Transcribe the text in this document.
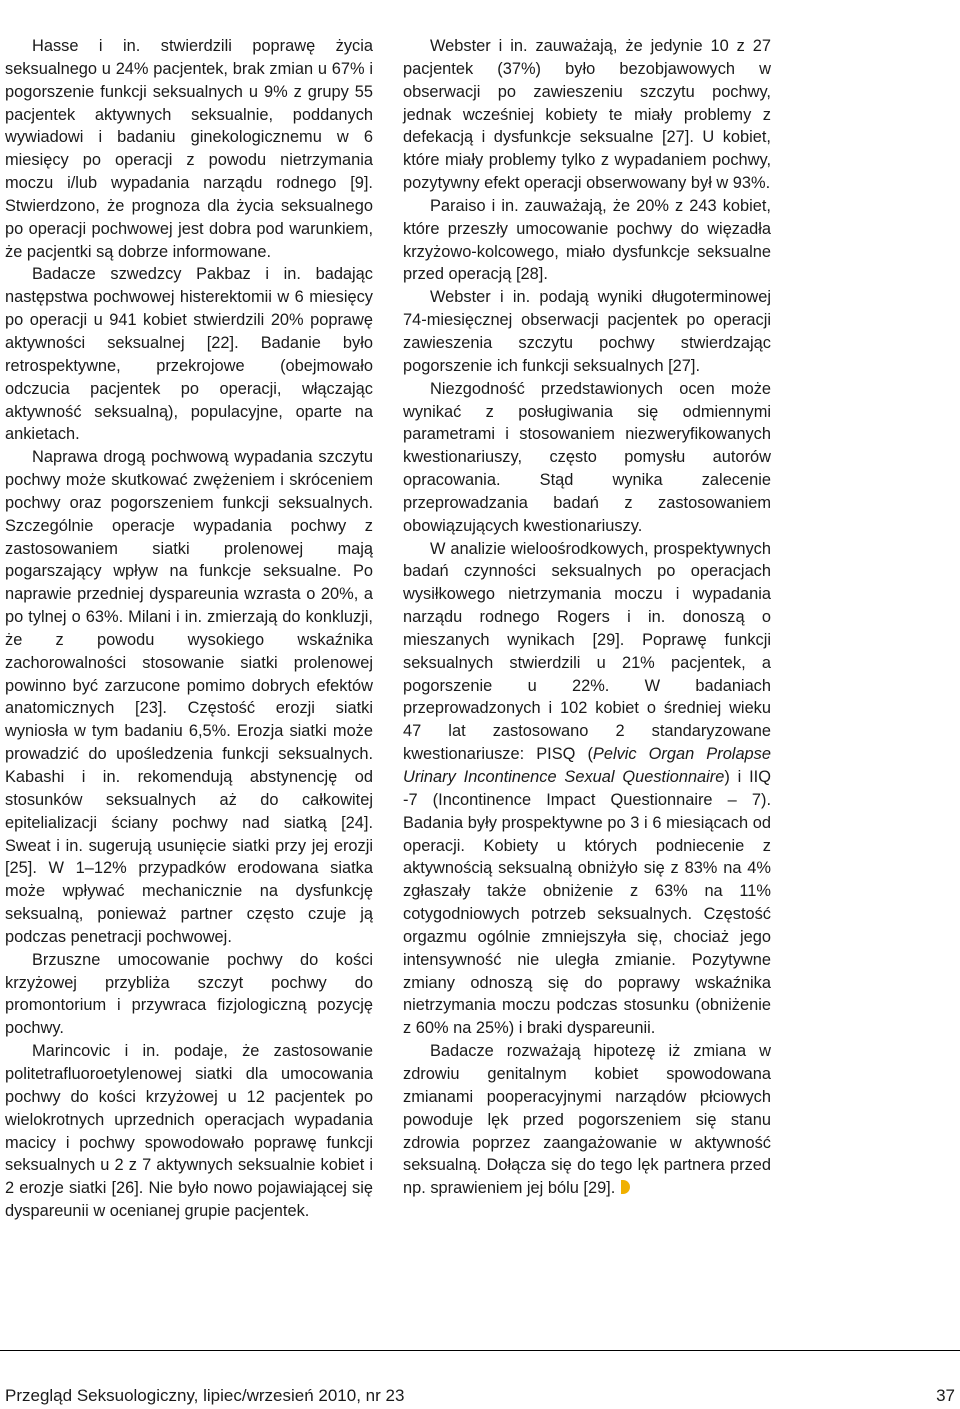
Hasse i in. stwierdzili poprawę życia seksualnego u 24% pacjentek, brak zmian u 67% i pogorszenie funkcji seksualnych u 9% z grupy 55 pacjentek aktywnych seksualnie, poddanych wywiadowi i badaniu ginekologicznemu w 6 miesięcy po operacji z powodu nietrzymania moczu i/lub wypadania narządu rodnego [9]. Stwierdzono, że prognoza dla życia seksualnego po operacji pochwowej jest dobra pod warunkiem, że pacjentki są dobrze informowane.

Badacze szwedzcy Pakbaz i in. badając następstwa pochwowej histerektomii w 6 miesięcy po operacji u 941 kobiet stwierdzili 20% poprawę aktywności seksualnej [22]. Badanie było retrospektywne, przekrojowe (obejmowało odczucia pacjentek po operacji, włączając aktywność seksualną), populacyjne, oparte na ankietach.

Naprawa drogą pochwową wypadania szczytu pochwy może skutkować zwężeniem i skróceniem pochwy oraz pogorszeniem funkcji seksualnych. Szczególnie operacje wypadania pochwy z zastosowaniem siatki prolenowej mają pogarszający wpływ na funkcje seksualne. Po naprawie przedniej dyspareunia wzrasta o 20%, a po tylnej o 63%. Milani i in. zmierzają do konkluzji, że z powodu wysokiego wskaźnika zachorowalności stosowanie siatki prolenowej powinno być zarzucone pomimo dobrych efektów anatomicznych [23]. Częstość erozji siatki wyniosła w tym badaniu 6,5%. Erozja siatki może prowadzić do upośledzenia funkcji seksualnych. Kabashi i in. rekomendują abstynencję od stosunków seksualnych aż do całkowitej epitelializacji ściany pochwy nad siatką [24]. Sweat i in. sugerują usunięcie siatki przy jej erozji [25]. W 1–12% przypadków erodowana siatka może wpływać mechanicznie na dysfunkcję seksualną, ponieważ partner często czuje ją podczas penetracji pochwowej.

Brzuszne umocowanie pochwy do kości krzyżowej przybliża szczyt pochwy do promontorium i przywraca fizjologiczną pozycję pochwy.

Marincovic i in. podaje, że zastosowanie politetrafluoroetylenowej siatki dla umocowania pochwy do kości krzyżowej u 12 pacjentek po wielokrotnych uprzednich operacjach wypadania macicy i pochwy spowodowało poprawę funkcji seksualnych u 2 z 7 aktywnych seksualnie kobiet i 2 erozje siatki [26]. Nie było nowo pojawiającej się dyspareunii w ocenianej grupie pacjentek.

Webster i in. zauważają, że jedynie 10 z 27 pacjentek (37%) było bezobjawowych w obserwacji po zawieszeniu szczytu pochwy, jednak wcześniej kobiety te miały problemy z defekacją i dysfunkcje seksualne [27]. U kobiet, które miały problemy tylko z wypadaniem pochwy, pozytywny efekt operacji obserwowany był w 93%.

Paraiso i in. zauważają, że 20% z 243 kobiet, które przeszły umocowanie pochwy do więzadła krzyżowo-kolcowego, miało dysfunkcje seksualne przed operacją [28].

Webster i in. podają wyniki długoterminowej 74-miesięcznej obserwacji pacjentek po operacji zawieszenia szczytu pochwy stwierdzając pogorszenie ich funkcji seksualnych [27].

Niezgodność przedstawionych ocen może wynikać z posługiwania się odmiennymi parametrami i stosowaniem niezweryfikowanych kwestionariuszy, często pomysłu autorów opracowania. Stąd wynika zalecenie przeprowadzania badań z zastosowaniem obowiązujących kwestionariuszy.

W analizie wieloośrodkowych, prospektywnych badań czynności seksualnych po operacjach wysiłkowego nietrzymania moczu i wypadania narządu rodnego Rogers i in. donoszą o mieszanych wynikach [29]. Poprawę funkcji seksualnych stwierdzili u 21% pacjentek, a pogorszenie u 22%. W badaniach przeprowadzonych i 102 kobiet o średniej wieku 47 lat zastosowano 2 standaryzowane kwestionariusze: PISQ (Pelvic Organ Prolapse Urinary Incontinence Sexual Questionnaire) i IIQ -7 (Incontinence Impact Questionnaire – 7). Badania były prospektywne po 3 i 6 miesiącach od operacji. Kobiety u których podniecenie z aktywnością seksualną obniżyło się z 83% na 4% zgłaszały także obniżenie z 63% na 11% cotygodniowych potrzeb seksualnych. Częstość orgazmu ogólnie zmniejszyła się, chociaż jego intensywność nie uległa zmianie. Pozytywne zmiany odnoszą się do poprawy wskaźnika nietrzymania moczu podczas stosunku (obniżenie z 60% na 25%) i braki dyspareunii.

Badacze rozważają hipotezę iż zmiana w zdrowiu genitalnym kobiet spowodowana zmianami pooperacyjnymi narządów płciowych powoduje lęk przed pogorszeniem się stanu zdrowia poprzez zaangażowanie w aktywność seksualną. Dołącza się do tego lęk partnera przed np. sprawieniem jej bólu [29].

Przegląd Seksuologiczny, lipiec/wrzesień 2010, nr 23	37
